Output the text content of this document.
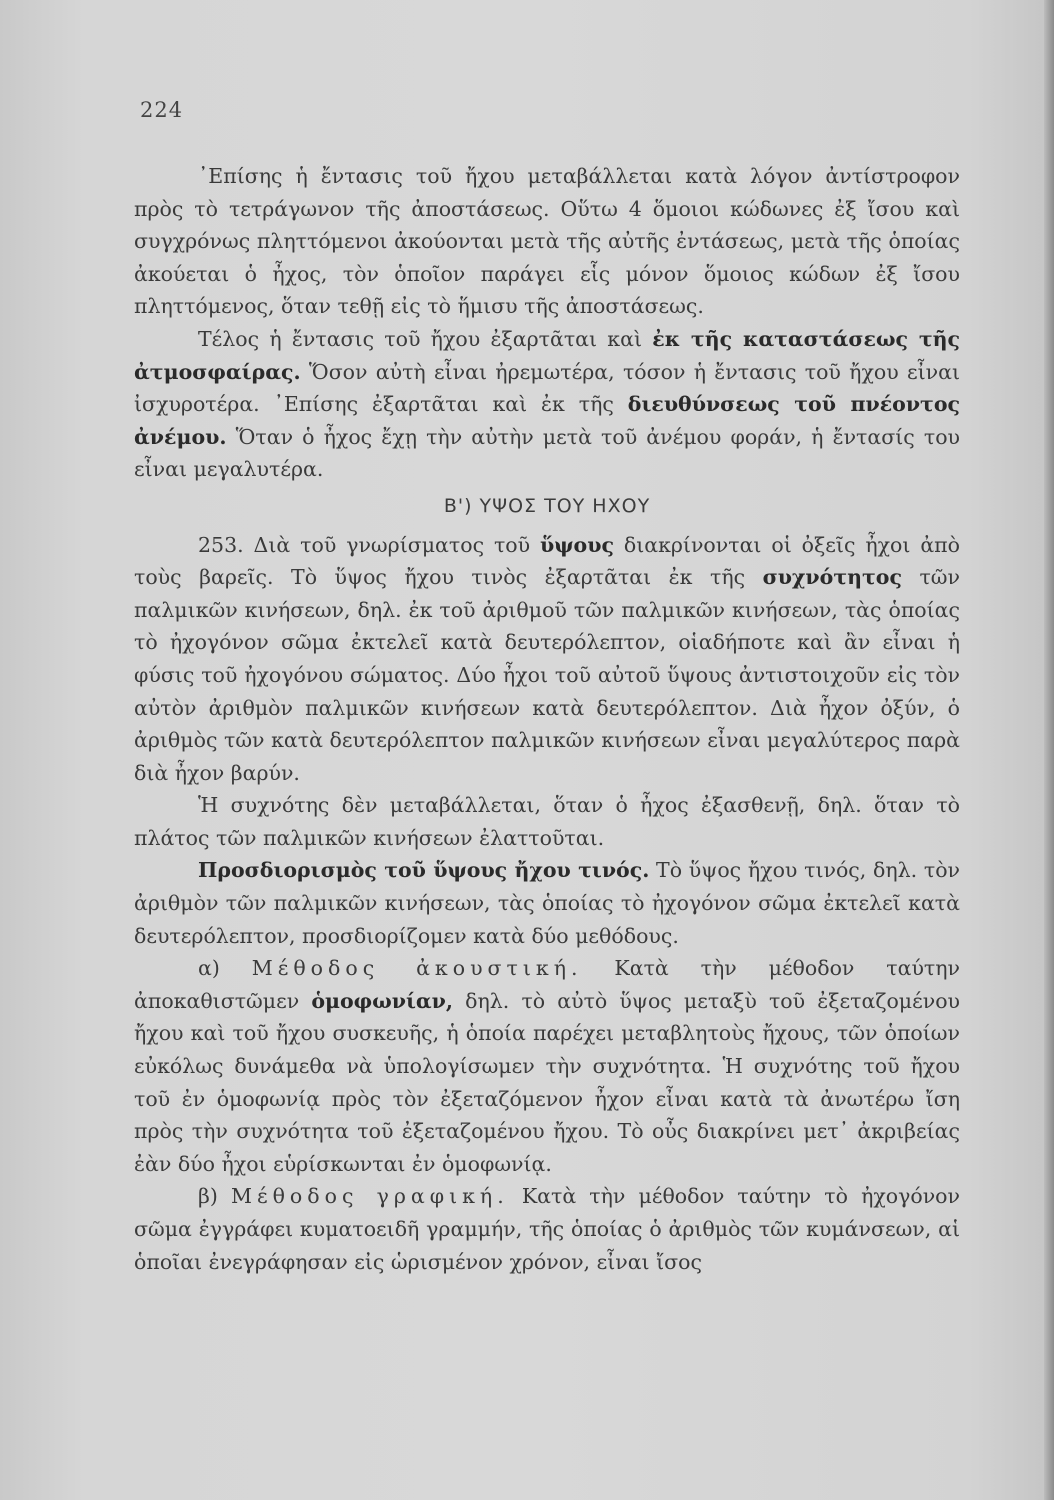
224

᾽Επίσης ἡ ἔντασις τοῦ ἤχου μεταβάλλεται κατὰ λόγον ἀντίστροφον πρὸς τὸ τετράγωνον τῆς ἀποστάσεως. Οὕτω 4 ὅμοιοι κώδωνες ἐξ ἴσου καὶ συγχρόνως πληττόμενοι ἀκούονται μετὰ τῆς αὐτῆς ἐντάσεως, μετὰ τῆς ὁποίας ἀκούεται ὁ ἦχος, τὸν ὁποῖον παράγει εἷς μόνον ὅμοιος κώδων ἐξ ἴσου πληττόμενος, ὅταν τεθῇ εἰς τὸ ἥμισυ τῆς ἀποστάσεως.

Τέλος ἡ ἔντασις τοῦ ἤχου ἐξαρτᾶται καὶ ἐκ τῆς καταστάσεως τῆς ἀτμοσφαίρας. Ὅσον αὐτὴ εἶναι ἠρεμωτέρα, τόσον ἡ ἔντασις τοῦ ἤχου εἶναι ἰσχυροτέρα. ᾽Επίσης ἐξαρτᾶται καὶ ἐκ τῆς διευθύνσεως τοῦ πνέοντος ἀνέμου. Ὅταν ὁ ἦχος ἔχῃ τὴν αὐτὴν μετὰ τοῦ ἀνέμου φοράν, ἡ ἔντασίς του εἶναι μεγαλυτέρα.

Β') ΥΨΟΣ ΤΟΥ ΗΧΟΥ

253. Διὰ τοῦ γνωρίσματος τοῦ ὕψους διακρίνονται οἱ ὀξεῖς ἦχοι ἀπὸ τοὺς βαρεῖς. Τὸ ὕψος ἤχου τινὸς ἐξαρτᾶται ἐκ τῆς συχνότητος τῶν παλμικῶν κινήσεων, δηλ. ἐκ τοῦ ἀριθμοῦ τῶν παλμικῶν κινήσεων, τὰς ὁποίας τὸ ἠχογόνον σῶμα ἐκτελεῖ κατὰ δευτερόλεπτον, οἱαδήποτε καὶ ἂν εἶναι ἡ φύσις τοῦ ἠχογόνου σώματος. Δύο ἦχοι τοῦ αὐτοῦ ὕψους ἀντιστοιχοῦν εἰς τὸν αὐτὸν ἀριθμὸν παλμικῶν κινήσεων κατὰ δευτερόλεπτον. Διὰ ἦχον ὀξύν, ὁ ἀριθμὸς τῶν κατὰ δευτερόλεπτον παλμικῶν κινήσεων εἶναι μεγαλύτερος παρὰ διὰ ἦχον βαρύν.

Ἡ συχνότης δὲν μεταβάλλεται, ὅταν ὁ ἦχος ἐξασθενῇ, δηλ. ὅταν τὸ πλάτος τῶν παλμικῶν κινήσεων ἐλαττοῦται.

Προσδιορισμὸς τοῦ ὕψους ἤχου τινός. Τὸ ὕψος ἤχου τινός, δηλ. τὸν ἀριθμὸν τῶν παλμικῶν κινήσεων, τὰς ὁποίας τὸ ἠχογόνον σῶμα ἐκτελεῖ κατὰ δευτερόλεπτον, προσδιορίζομεν κατὰ δύο μεθόδους.

α) Μέθοδος ἀκουστική. Κατὰ τὴν μέθοδον ταύτην ἀποκαθιστῶμεν ὁμοφωνίαν, δηλ. τὸ αὐτὸ ὕψος μεταξὺ τοῦ ἐξεταζομένου ἤχου καὶ τοῦ ἤχου συσκευῆς, ἡ ὁποία παρέχει μεταβλητοὺς ἤχους, τῶν ὁποίων εὐκόλως δυνάμεθα νὰ ὑπολογίσωμεν τὴν συχνότητα. Ἡ συχνότης τοῦ ἤχου τοῦ ἐν ὁμοφωνίᾳ πρὸς τὸν ἐξεταζόμενον ἦχον εἶναι κατὰ τὰ ἀνωτέρω ἴση πρὸς τὴν συχνότητα τοῦ ἐξεταζομένου ἤχου. Τὸ οὖς διακρίνει μετ᾽ ἀκριβείας ἐὰν δύο ἦχοι εὑρίσκωνται ἐν ὁμοφωνίᾳ.

β) Μέθοδος γραφική. Κατὰ τὴν μέθοδον ταύτην τὸ ἠχογόνον σῶμα ἐγγράφει κυματοειδῆ γραμμήν, τῆς ὁποίας ὁ ἀριθμὸς τῶν κυμάνσεων, αἱ ὁποῖαι ἐνεγράφησαν εἰς ὡρισμένον χρόνον, εἶναι ἴσος
